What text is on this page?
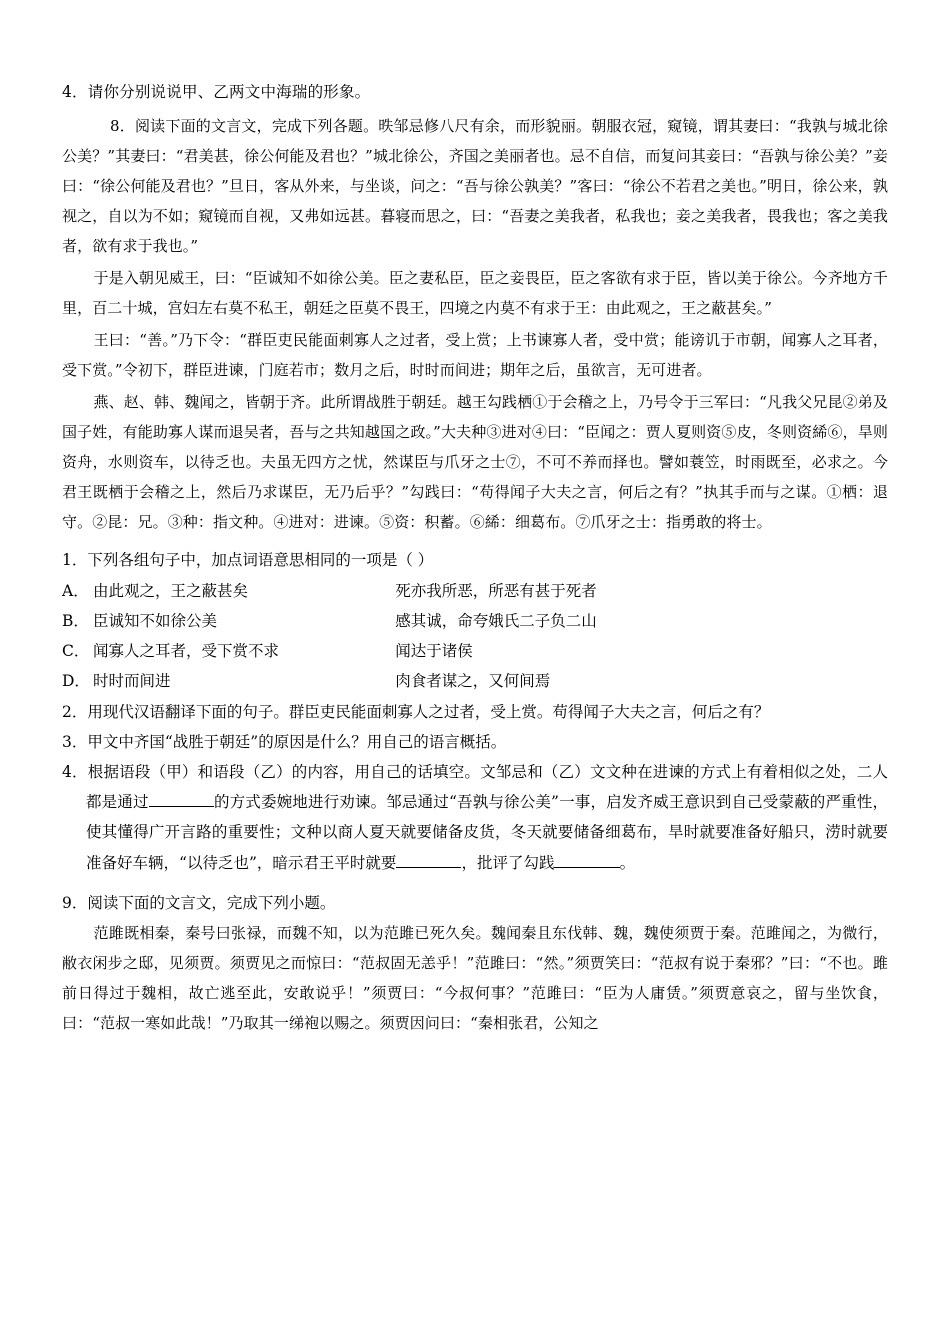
4．请你分别说说甲、乙两文中海瑞的形象。
8．阅读下面的文言文，完成下列各题。昳邹忌修八尺有余，而形貌丽。朝服衣冠，窥镜，谓其妻曰：“我孰与城北徐公美？”其妻曰：“君美甚，徐公何能及君也？”城北徐公，齐国之美丽者也。忌不自信，而复问其妾曰：“吾孰与徐公美？”妾曰：“徐公何能及君也？”旦日，客从外来，与坐谈，问之：“吾与徐公孰美？”客曰：“徐公不若君之美也。”明日，徐公来，孰视之，自以为不如；窥镜而自视，又弗如远甚。暮寝而思之，曰：“吾妻之美我者，私我也；妾之美我者，畏我也；客之美我者，欲有求于我也。”
于是入朝见威王，曰：“臣诚知不如徐公美。臣之妻私臣，臣之妾畏臣，臣之客欲有求于臣，皆以美于徐公。今齐地方千里，百二十城，宫妇左右莫不私王，朝廷之臣莫不畏王，四境之内莫不有求于王：由此观之，王之蔽甚矣。”
王曰：“善。”乃下令：“群臣吏民能面刺寡人之过者，受上赏；上书谏寡人者，受中赏；能谤讥于市朝，闻寡人之耳者，受下赏。”令初下，群臣进谏，门庭若市；数月之后，时时而间进；期年之后，虽欲言，无可进者。
燕、赵、韩、魏闻之，皆朝于齐。此所谓战胜于朝廷。越王勾践栖①于会稽之上，乃号令于三军曰：“凡我父兄昆②弟及国子姓，有能助寡人谋而退吴者，吾与之共知越国之政。”大夫种③进对④曰：“臣闻之：贾人夏则资⑤皮，冬则资絺⑥，旱则资舟，水则资车，以待乏也。夫虽无四方之忧，然谋臣与爪牙之士⑦，不可不养而择也。譬如蓑笠，时雨既至，必求之。今君王既栖于会稽之上，然后乃求谋臣，无乃后乎？”勾践曰：“苟得闻子大夫之言，何后之有？”执其手而与之谋。①栖：退守。②昆：兄。③种：指文种。④进对：进谏。⑤资：积蓄。⑥絺：细葛布。⑦爪牙之士：指勇敢的将士。
1．下列各组句子中，加点词语意思相同的一项是（ ）
A． 由此观之，王之蔽甚矣	死亦我所恶，所恶有甚于死者
B． 臣诚知不如徐公美	感其诚，命夸娥氏二子负二山
C． 闻寡人之耳者，受下赏不求	闻达于诸侯
D． 时时而间进	肉食者谋之，又何间焉
2．用现代汉语翻译下面的句子。群臣吏民能面刺寡人之过者，受上赏。苟得闻子大夫之言，何后之有？
3．甲文中齐国“战胜于朝廷”的原因是什么？用自己的语言概括。
4．根据语段（甲）和语段（乙）的内容，用自己的话填空。文邹忌和（乙）文文种在进谏的方式上有着相似之处，二人都是通过	的方式委婉地进行劝谏。邹忌通过“吾孰与徐公美”一事，启发齐威王意识到自己受蒙蔽的严重性，使其懂得广开言路的重要性；文种以商人夏天就要储备皮货，冬天就要储备细葛布，旱时就要准备好船只，涝时就要准备好车辆，“以待乏也”，暗示君王平时就要	，批评了勾践	。
9．阅读下面的文言文，完成下列小题。
范雎既相秦，秦号曰张禄，而魏不知，以为范雎已死久矣。魏闻秦且东伐韩、魏，魏使须贾于秦。范雎闻之，为微行，敝衣闲步之邸，见须贾。须贾见之而惊曰：“范叔固无恙乎！”范雎曰：“然。”须贾笑曰：“范叔有说于秦邪？”曰：“不也。雎前日得过于魏相，故亡逃至此，安敢说乎！”须贾曰：“今叔何事？”范雎曰：“臣为人庸赁。”须贾意哀之，留与坐饮食，曰：“范叔一寒如此哉！”乃取其一绨袍以赐之。须贾因问曰：“秦相张君，公知之
